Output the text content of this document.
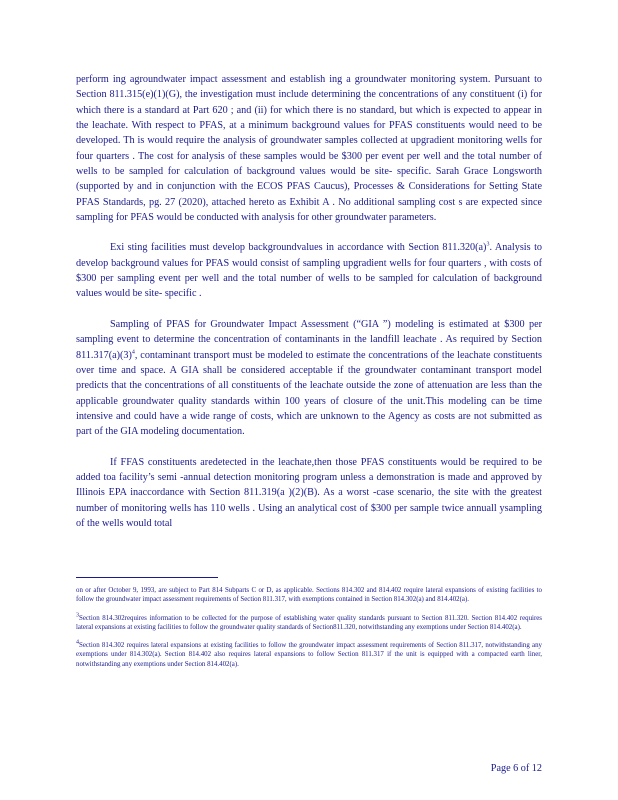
perform ing agroundwater impact assessment and establish ing a groundwater monitoring system. Pursuant to Section 811.315(e)(1)(G), the investigation must include determining the concentrations of any constituent (i) for which there is a standard at Part 620 ; and (ii) for which there is no standard, but which is expected to appear in the leachate. With respect to PFAS, at a minimum background values for PFAS constituents would need to be developed. Th is would require the analysis of groundwater samples collected at upgradient monitoring wells for four quarters . The cost for analysis of these samples would be $300 per event per well and the total number of wells to be sampled for calculation of background values would be site- specific. Sarah Grace Longsworth (supported by and in conjunction with the ECOS PFAS Caucus), Processes & Considerations for Setting State PFAS Standards, pg. 27 (2020), attached hereto as Exhibit A . No additional sampling cost s are expected since sampling for PFAS would be conducted with analysis for other groundwater parameters.

Exi sting facilities must develop backgroundvalues in accordance with Section $811.320(a)^3$. Analysis to develop background values for PFAS would consist of sampling upgradient wells for four quarters , with costs of $300 per sampling event per well and the total number of wells to be sampled for calculation of background values would be site- specific .

Sampling of PFAS for Groundwater Impact Assessment (“GIA ”) modeling is estimated at $300 per sampling event to determine the concentration of contaminants in the landfill leachate . As required by Section $811.317(a)(3)^4$, contaminant transport must be modeled to estimate the concentrations of the leachate constituents over time and space. A GIA shall be considered acceptable if the groundwater contaminant transport model predicts that the concentrations of all constituents of the leachate outside the zone of attenuation are less than the applicable groundwater quality standards within 100 years of closure of the unit.This modeling can be time intensive and could have a wide range of costs, which are unknown to the Agency as costs are not submitted as part of the GIA modeling documentation.

If FFAS constituents aredetected in the leachate,then those PFAS constituents would be required to be added toa facility’s semi -annual detection monitoring program unless a demonstration is made and approved by Illinois EPA inaccordance with Section 811.319(a )(2)(B). As a worst -case scenario, the site with the greatest number of monitoring wells has 110 wells . Using an analytical cost of $300 per sample twice annuall ysampling of the wells would total

on or after October 9, 1993, are subject to Part 814 Subparts C or D, as applicable. Sections 814.302 and 814.402 require lateral expansions of existing facilities to follow the groundwater impact assessment requirements of Section 811.317, with exemptions contained in Section 814.302(a) and 814.402(a).

$^3$Section 814.302requires information to be collected for the purpose of establishing water quality standards pursuant to Section 811.320. Section 814.402 requires lateral expansions at existing facilities to follow the groundwater quality standards of Section811.320, notwithstanding any exemptions under Section 814.402(a).

$^4$Section 814.302 requires lateral expansions at existing facilities to follow the groundwater impact assessment requirements of Section 811.317, notwithstanding any exemptions under 814.302(a). Section 814.402 also requires lateral expansions to follow Section 811.317 if the unit is equipped with a compacted earth liner, notwithstanding any exemptions under Section 814.402(a).

Page 6 of 12
